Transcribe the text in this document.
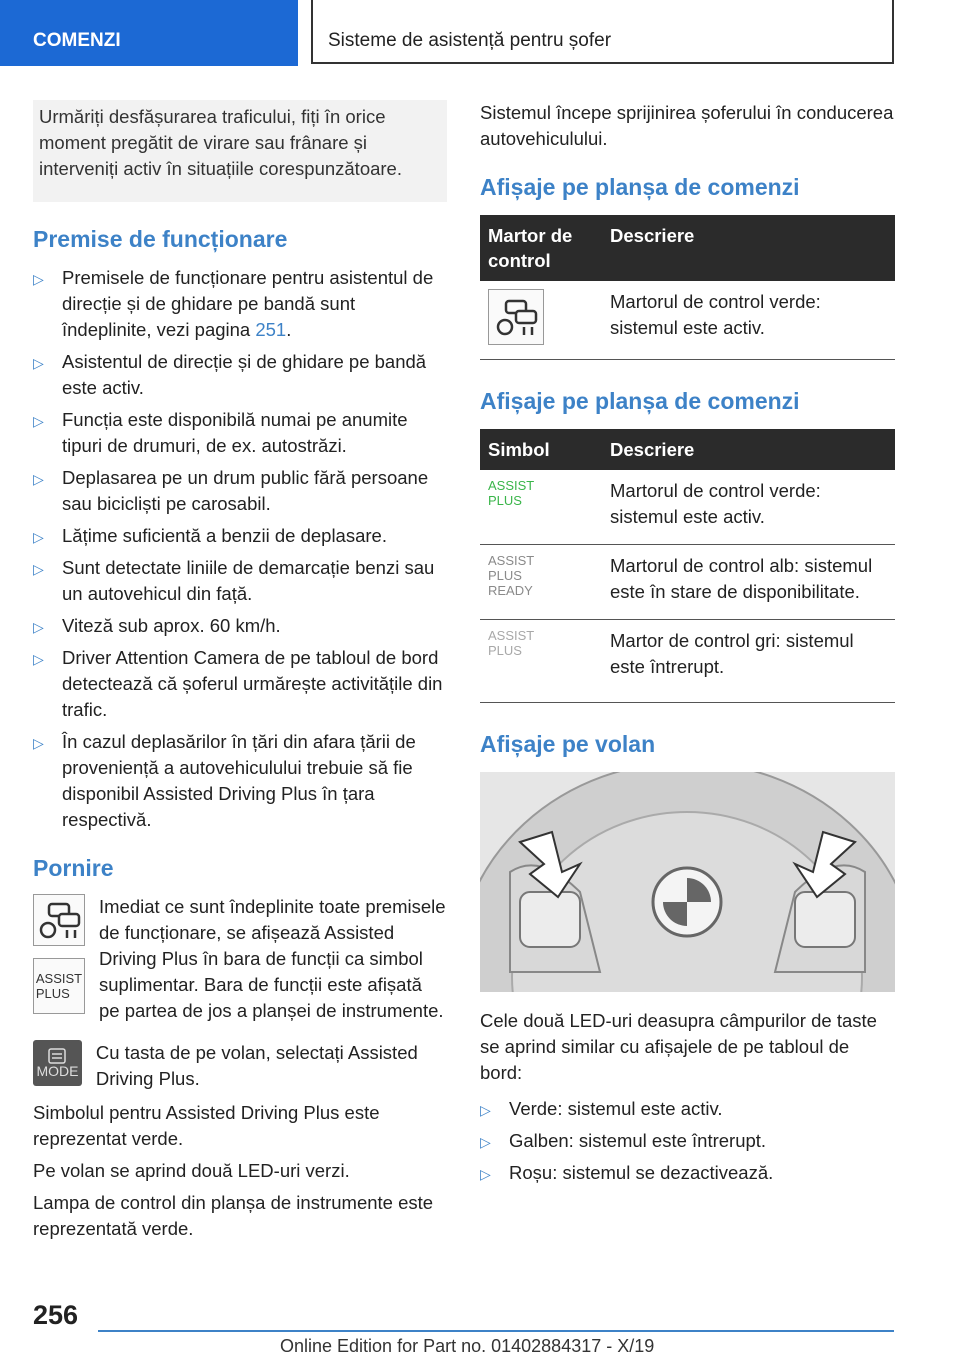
COMENZI	Sisteme de asistență pentru șofer
Urmăriți desfășurarea traficului, fiți în orice moment pregătit de virare sau frânare și interveniți activ în situațiile corespunzătoare.
Premise de funcționare
▷ Premisele de funcționare pentru asistentul de direcție și de ghidare pe bandă sunt îndeplinite, vezi pagina 251.
▷ Asistentul de direcție și de ghidare pe bandă este activ.
▷ Funcția este disponibilă numai pe anumite tipuri de drumuri, de ex. autostrăzi.
▷ Deplasarea pe un drum public fără persoane sau bicicliști pe carosabil.
▷ Lățime suficientă a benzii de deplasare.
▷ Sunt detectate liniile de demarcație benzi sau un autovehicul din față.
▷ Viteză sub aprox. 60 km/h.
▷ Driver Attention Camera de pe tabloul de bord detectează că șoferul urmărește activitățile din trafic.
▷ În cazul deplasărilor în țări din afara țării de proveniență a autovehiculului trebuie să fie disponibil Assisted Driving Plus în țara respectivă.
Pornire
ASSIST
PLUS

Imediat ce sunt îndeplinite toate premisele de funcționare, se afișează Assisted Driving Plus în bara de funcții ca simbol suplimentar. Bara de funcții este afișată pe partea de jos a planșei de instrumente.

MODE

Cu tasta de pe volan, selectați Assisted Driving Plus.

Simbolul pentru Assisted Driving Plus este reprezentat verde.

Pe volan se aprind două LED-uri verzi.

Lampa de control din planșa de instrumente este reprezentată verde.

Sistemul începe sprijinirea șoferului în conducerea autovehiculului.

Afișaje pe planșa de comenzi
Martor de control	Descriere

	Martorul de control verde: sistemul este activ.
Afișaje pe planșa de comenzi
Simbol	Descriere

ASSIST
PLUS	Martorul de control verde: sistemul este activ.

ASSIST
PLUS
READY	Martorul de control alb: sistemul este în stare de disponibilitate.

ASSIST
PLUS	Martor de control gri: sistemul este întrerupt.
Afișaje pe volan

Cele două LED-uri deasupra câmpurilor de taste se aprind similar cu afișajele de pe tabloul de bord:

▷ Verde: sistemul este activ.
▷ Galben: sistemul este întrerupt.
▷ Roșu: sistemul se dezactivează.
256
Online Edition for Part no. 01402884317 - X/19
